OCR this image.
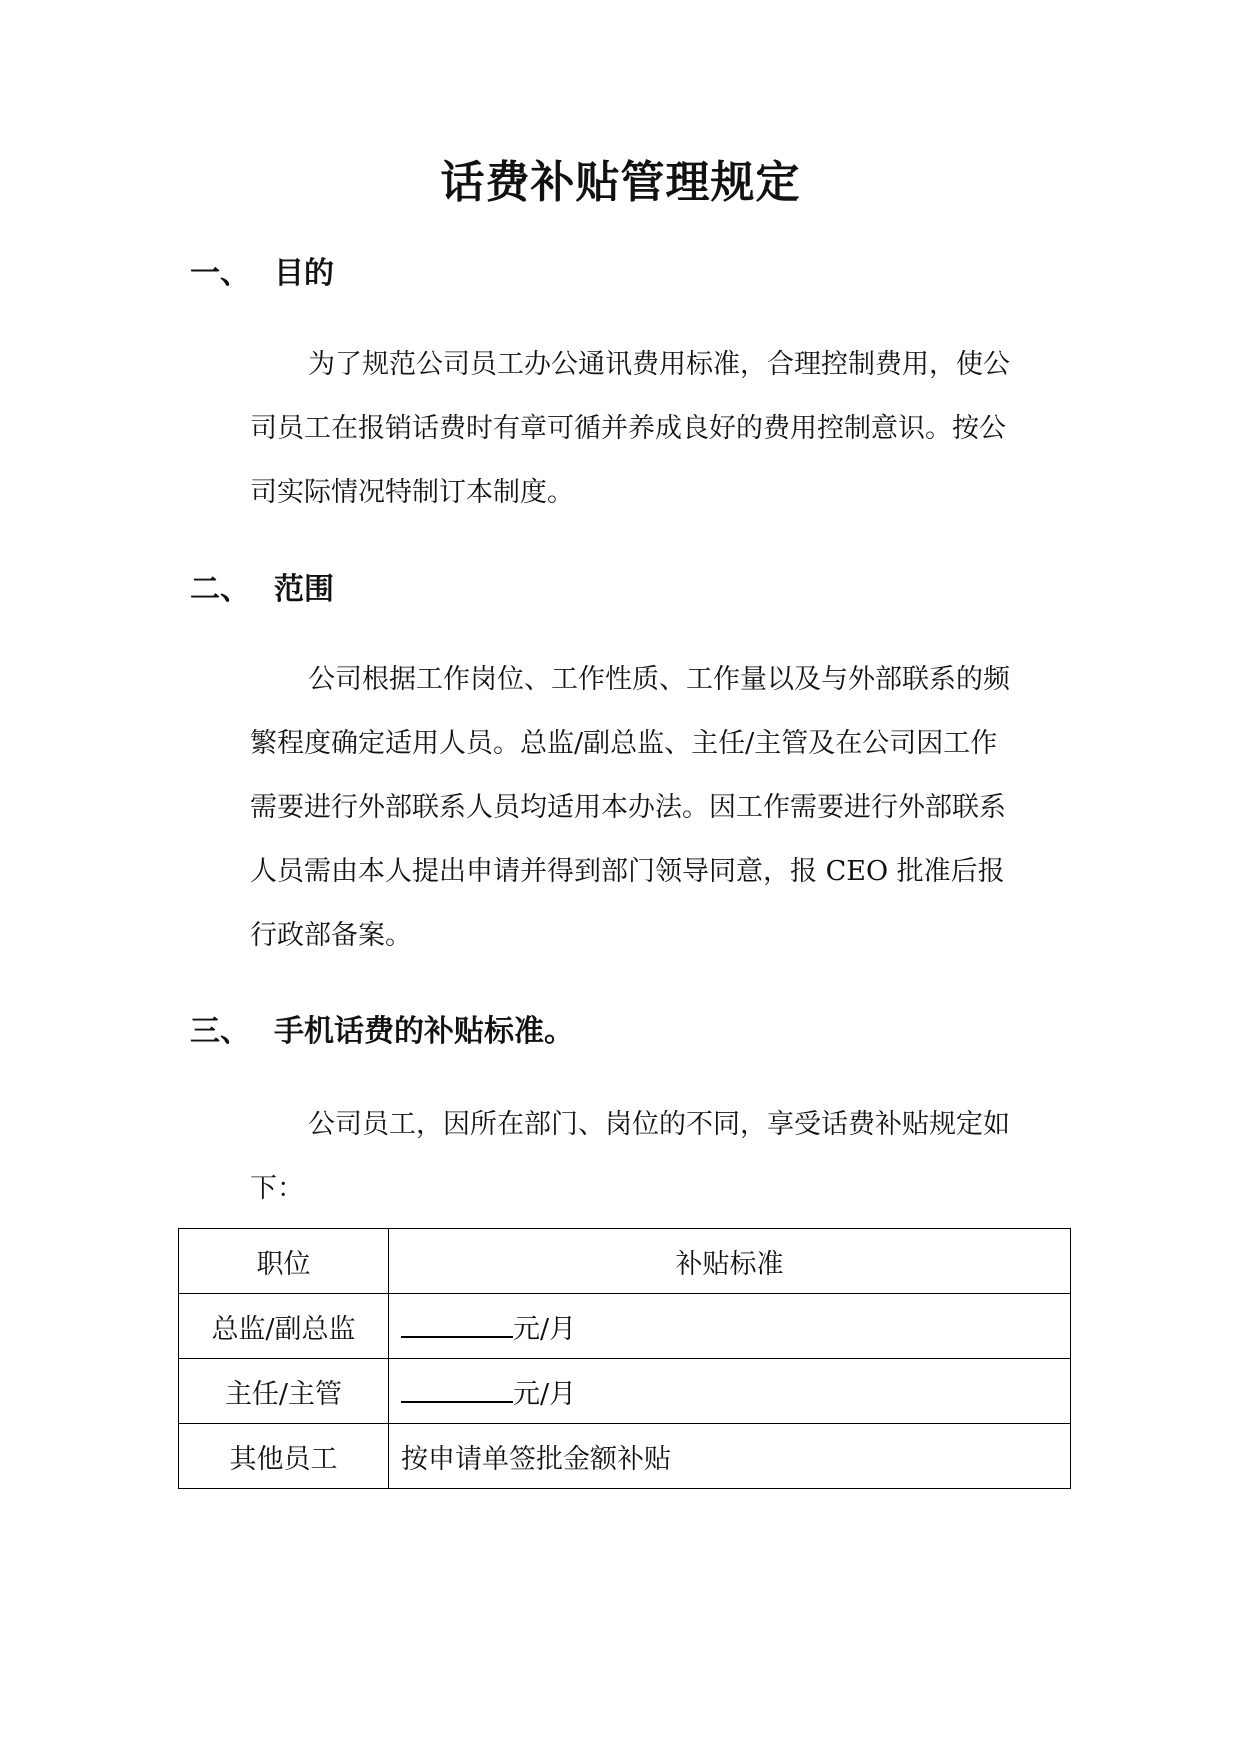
话费补贴管理规定
一、 目的
为了规范公司员工办公通讯费用标准，合理控制费用，使公
司员工在报销话费时有章可循并养成良好的费用控制意识。按公
司实际情况特制订本制度。
二、 范围
公司根据工作岗位、工作性质、工作量以及与外部联系的频
繁程度确定适用人员。总监/副总监、主任/主管及在公司因工作
需要进行外部联系人员均适用本办法。因工作需要进行外部联系
人员需由本人提出申请并得到部门领导同意，报 CEO 批准后报
行政部备案。
三、 手机话费的补贴标准。
公司员工，因所在部门、岗位的不同，享受话费补贴规定如
下：
职位	补贴标准
总监/副总监	元/月
主任/主管	元/月
其他员工	按申请单签批金额补贴
